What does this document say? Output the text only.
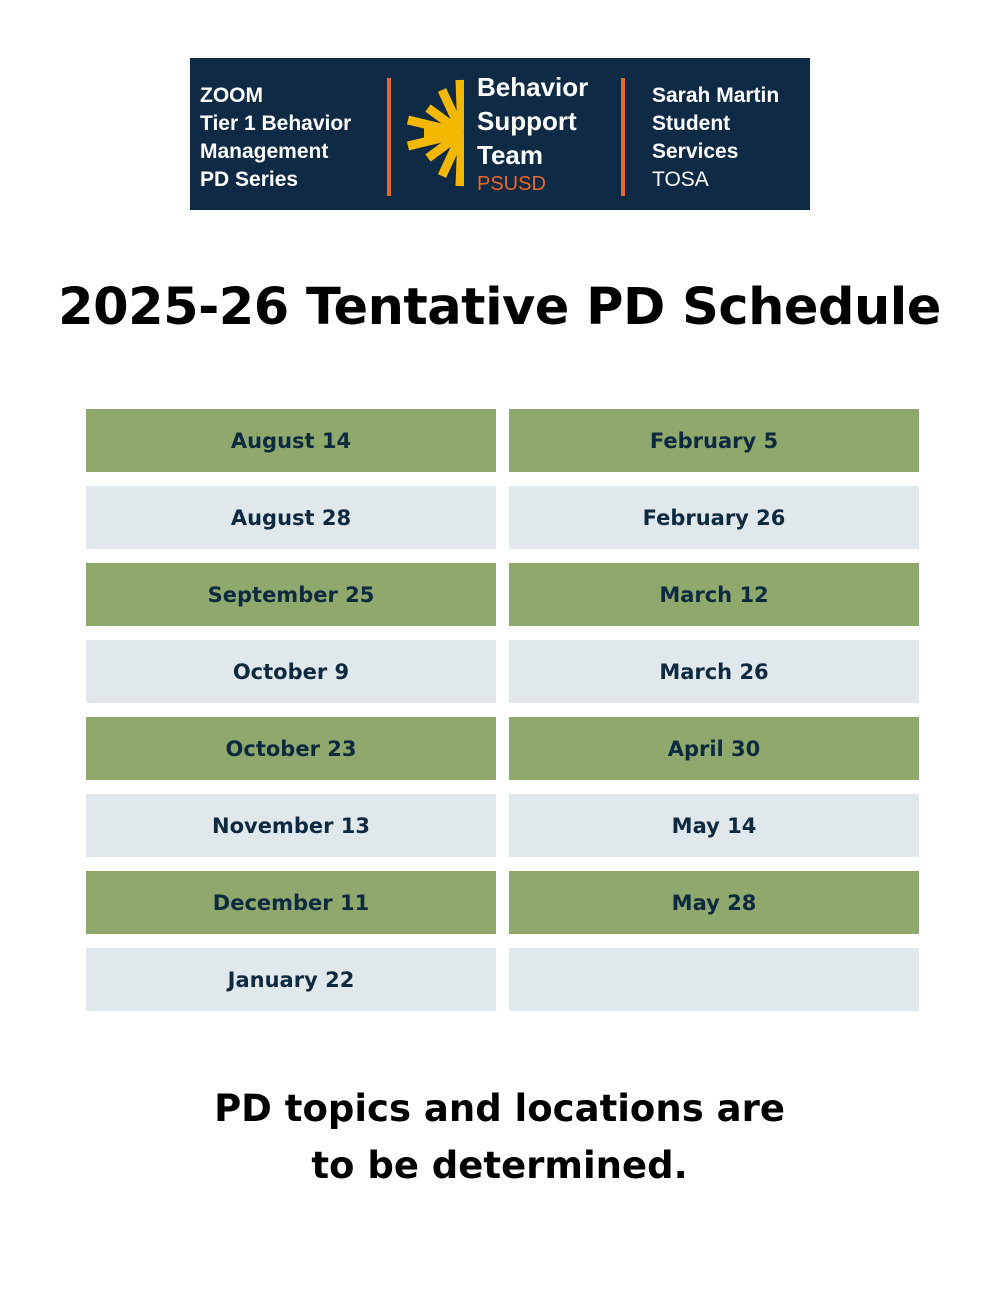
ZOOM
Tier 1 Behavior
Management
PD Series
Behavior
Support
Team
PSUSD
Sarah Martin
Student
Services
TOSA
2025-26 Tentative PD Schedule
August 14	February 5
August 28	February 26
September 25	March 12
October 9	March 26
October 23	April 30
November 13	May 14
December 11	May 28
January 22
PD topics and locations are
to be determined.
